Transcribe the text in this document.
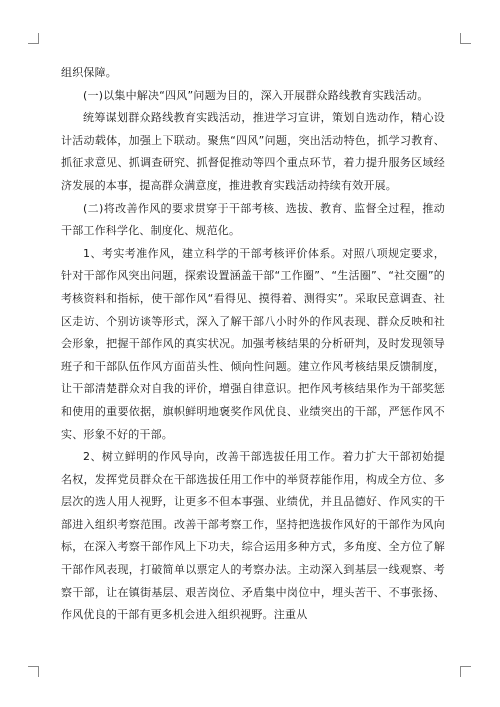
组织保障。

(一)以集中解决“四风”问题为目的，深入开展群众路线教育实践活动。

统筹谋划群众路线教育实践活动，推进学习宣讲，策划自选动作，精心设计活动载体，加强上下联动。聚焦“四风”问题，突出活动特色，抓学习教育、抓征求意见、抓调查研究、抓督促推动等四个重点环节，着力提升服务区域经济发展的本事，提高群众满意度，推进教育实践活动持续有效开展。

(二)将改善作风的要求贯穿于干部考核、选拔、教育、监督全过程，推动干部工作科学化、制度化、规范化。

1、考实考准作风，建立科学的干部考核评价体系。对照八项规定要求，针对干部作风突出问题，探索设置涵盖干部“工作圈”、“生活圈”、“社交圈”的考核资料和指标，使干部作风“看得见、摸得着、测得实”。采取民意调查、社区走访、个别访谈等形式，深入了解干部八小时外的作风表现、群众反映和社会形象，把握干部作风的真实状况。加强考核结果的分析研判，及时发现领导班子和干部队伍作风方面苗头性、倾向性问题。建立作风考核结果反馈制度，让干部清楚群众对自我的评价，增强自律意识。把作风考核结果作为干部奖惩和使用的重要依据，旗帜鲜明地褒奖作风优良、业绩突出的干部，严惩作风不实、形象不好的干部。

2、树立鲜明的作风导向，改善干部选拔任用工作。着力扩大干部初始提名权，发挥党员群众在干部选拔任用工作中的举贤荐能作用，构成全方位、多层次的选人用人视野，让更多不但本事强、业绩优，并且品德好、作风实的干部进入组织考察范围。改善干部考察工作，坚持把选拔作风好的干部作为风向标，在深入考察干部作风上下功夫，综合运用多种方式，多角度、全方位了解干部作风表现，打破简单以票定人的考察办法。主动深入到基层一线观察、考察干部，让在镇街基层、艰苦岗位、矛盾集中岗位中，埋头苦干、不事张扬、作风优良的干部有更多机会进入组织视野。注重从
